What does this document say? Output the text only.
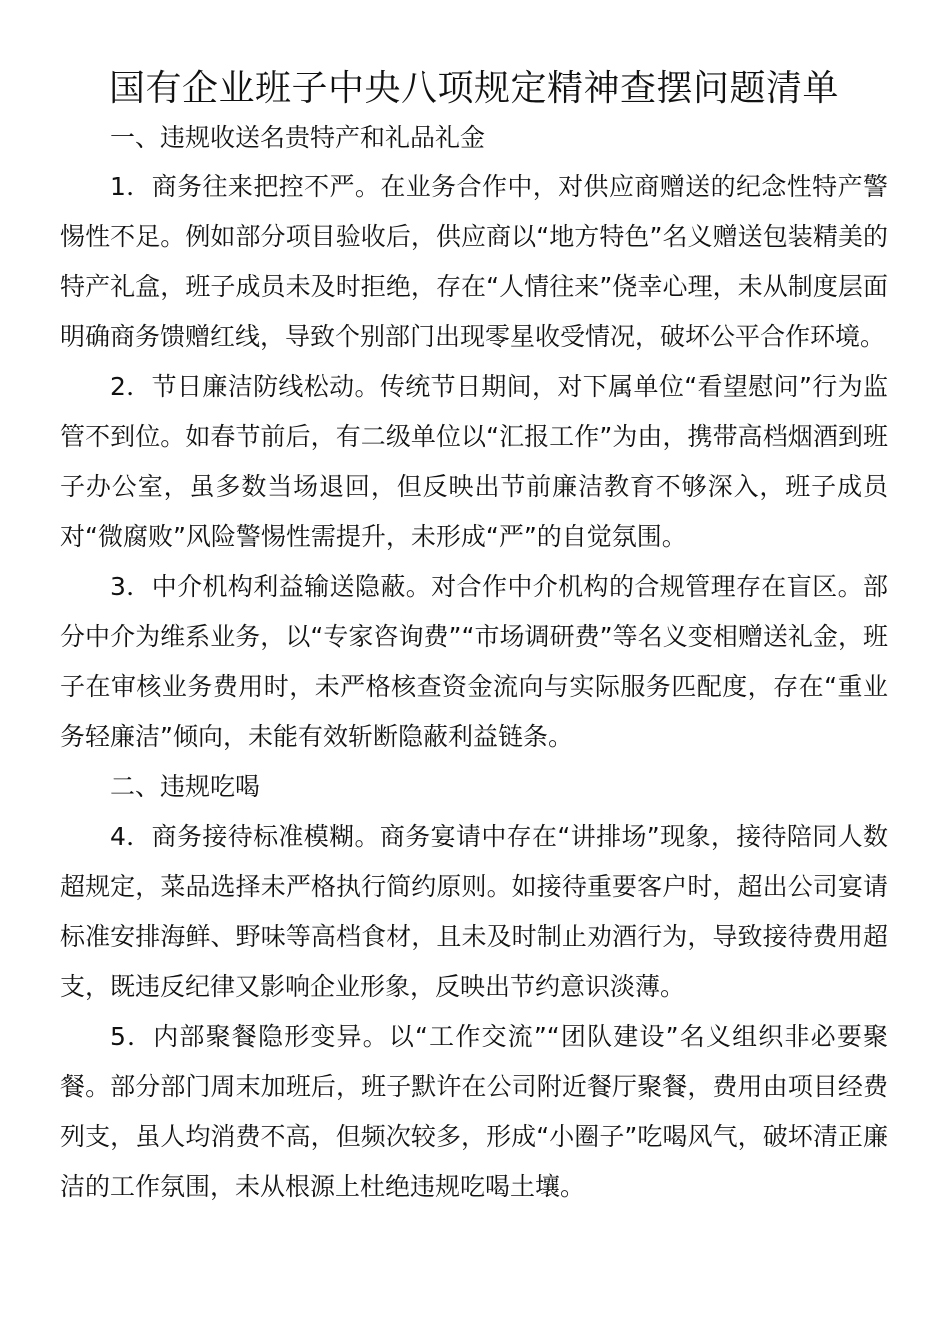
国有企业班子中央八项规定精神查摆问题清单

一、违规收送名贵特产和礼品礼金

1．商务往来把控不严。在业务合作中，对供应商赠送的纪念性特产警惕性不足。例如部分项目验收后，供应商以“地方特色”名义赠送包装精美的特产礼盒，班子成员未及时拒绝，存在“人情往来”侥幸心理，未从制度层面明确商务馈赠红线，导致个别部门出现零星收受情况，破坏公平合作环境。

2．节日廉洁防线松动。传统节日期间，对下属单位“看望慰问”行为监管不到位。如春节前后，有二级单位以“汇报工作”为由，携带高档烟酒到班子办公室，虽多数当场退回，但反映出节前廉洁教育不够深入，班子成员对“微腐败”风险警惕性需提升，未形成“严”的自觉氛围。

3．中介机构利益输送隐蔽。对合作中介机构的合规管理存在盲区。部分中介为维系业务，以“专家咨询费”“市场调研费”等名义变相赠送礼金，班子在审核业务费用时，未严格核查资金流向与实际服务匹配度，存在“重业务轻廉洁”倾向，未能有效斩断隐蔽利益链条。

二、违规吃喝

4．商务接待标准模糊。商务宴请中存在“讲排场”现象，接待陪同人数超规定，菜品选择未严格执行简约原则。如接待重要客户时，超出公司宴请标准安排海鲜、野味等高档食材，且未及时制止劝酒行为，导致接待费用超支，既违反纪律又影响企业形象，反映出节约意识淡薄。

5．内部聚餐隐形变异。以“工作交流”“团队建设”名义组织非必要聚餐。部分部门周末加班后，班子默许在公司附近餐厅聚餐，费用由项目经费列支，虽人均消费不高，但频次较多，形成“小圈子”吃喝风气，破坏清正廉洁的工作氛围，未从根源上杜绝违规吃喝土壤。
